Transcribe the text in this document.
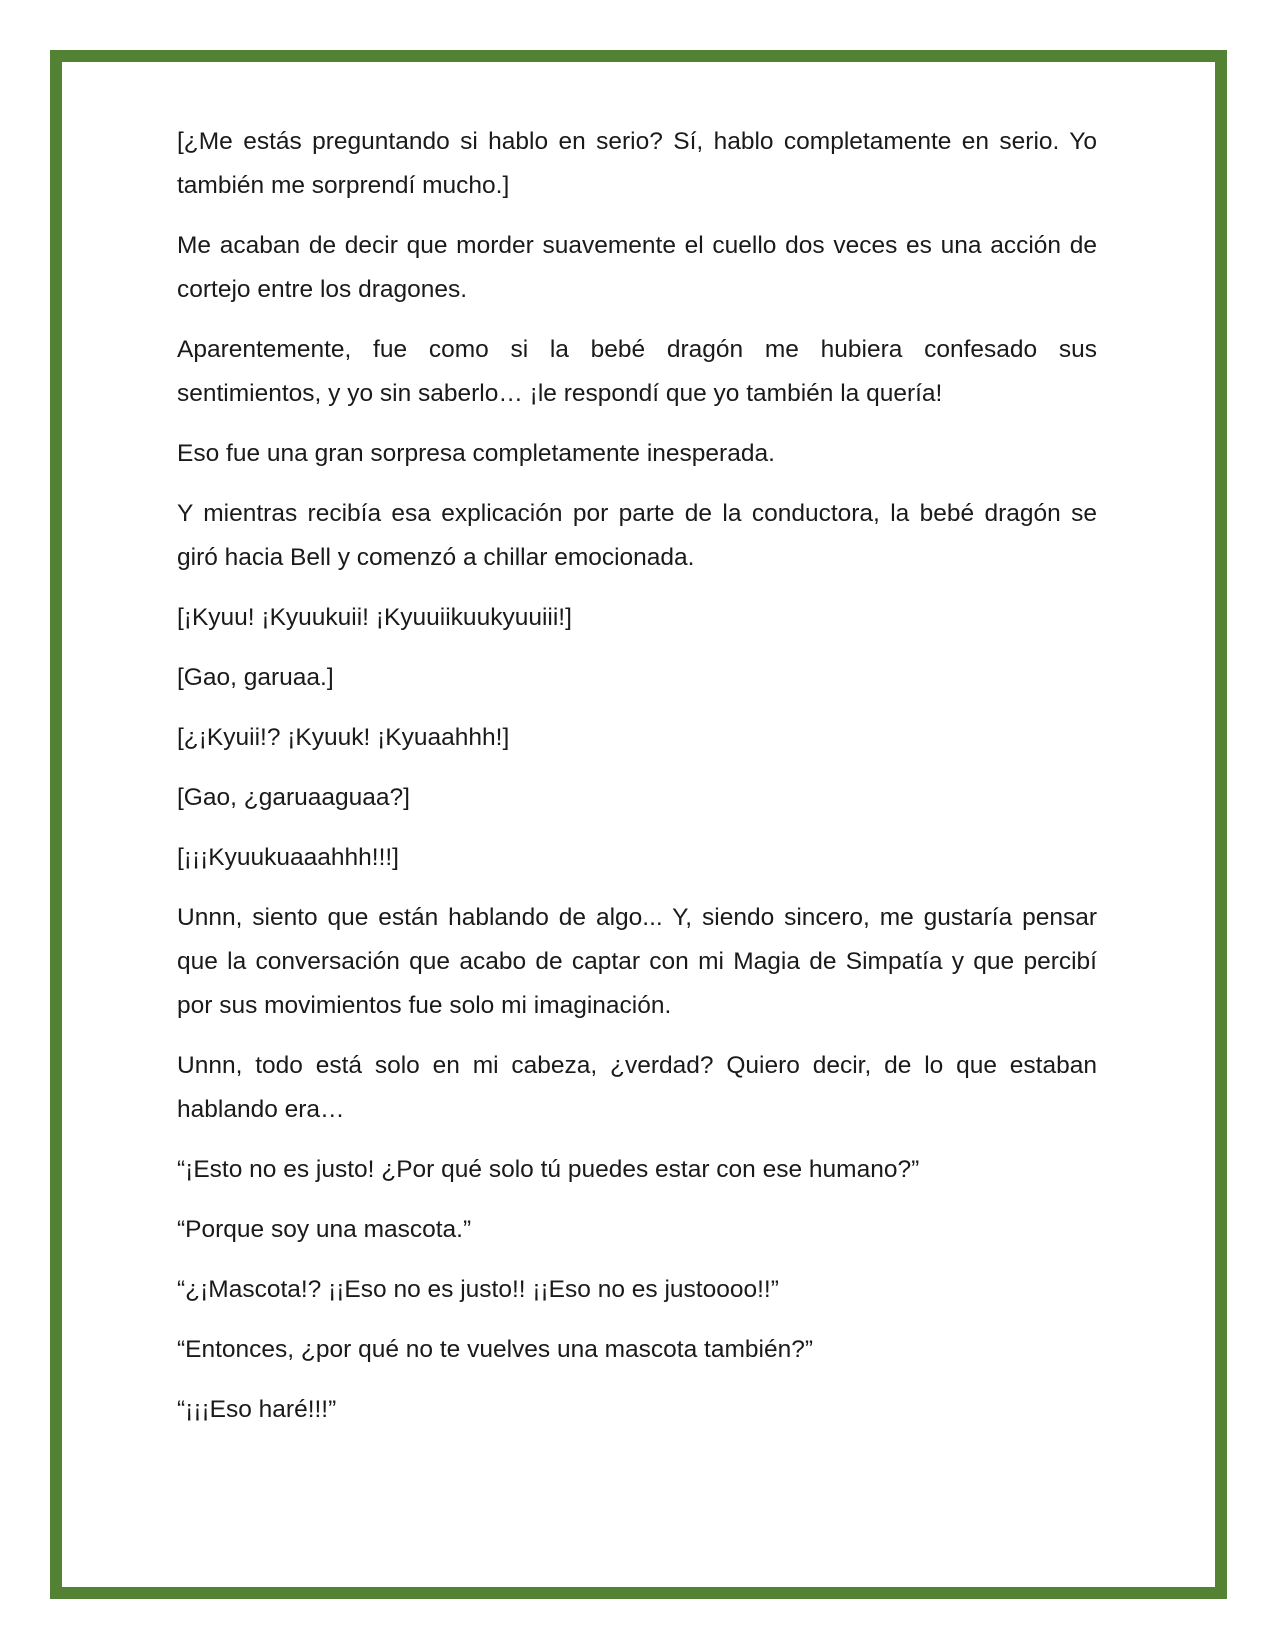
[¿Me estás preguntando si hablo en serio? Sí, hablo completamente en serio. Yo también me sorprendí mucho.]

Me acaban de decir que morder suavemente el cuello dos veces es una acción de cortejo entre los dragones.

Aparentemente, fue como si la bebé dragón me hubiera confesado sus sentimientos, y yo sin saberlo… ¡le respondí que yo también la quería!

Eso fue una gran sorpresa completamente inesperada.

Y mientras recibía esa explicación por parte de la conductora, la bebé dragón se giró hacia Bell y comenzó a chillar emocionada.

[¡Kyuu! ¡Kyuukuii! ¡Kyuuiikuukyuuiii!]

[Gao, garuaa.]

[¿¡Kyuii!? ¡Kyuuk! ¡Kyuaahhh!]

[Gao, ¿garuaaguaa?]

[¡¡¡Kyuukuaaahhh!!!]

Unnn, siento que están hablando de algo... Y, siendo sincero, me gustaría pensar que la conversación que acabo de captar con mi Magia de Simpatía y que percibí por sus movimientos fue solo mi imaginación.

Unnn, todo está solo en mi cabeza, ¿verdad? Quiero decir, de lo que estaban hablando era…

“¡Esto no es justo! ¿Por qué solo tú puedes estar con ese humano?”

“Porque soy una mascota.”

“¿¡Mascota!? ¡¡Eso no es justo!! ¡¡Eso no es justoooo!!”

“Entonces, ¿por qué no te vuelves una mascota también?”

“¡¡¡Eso haré!!!”
